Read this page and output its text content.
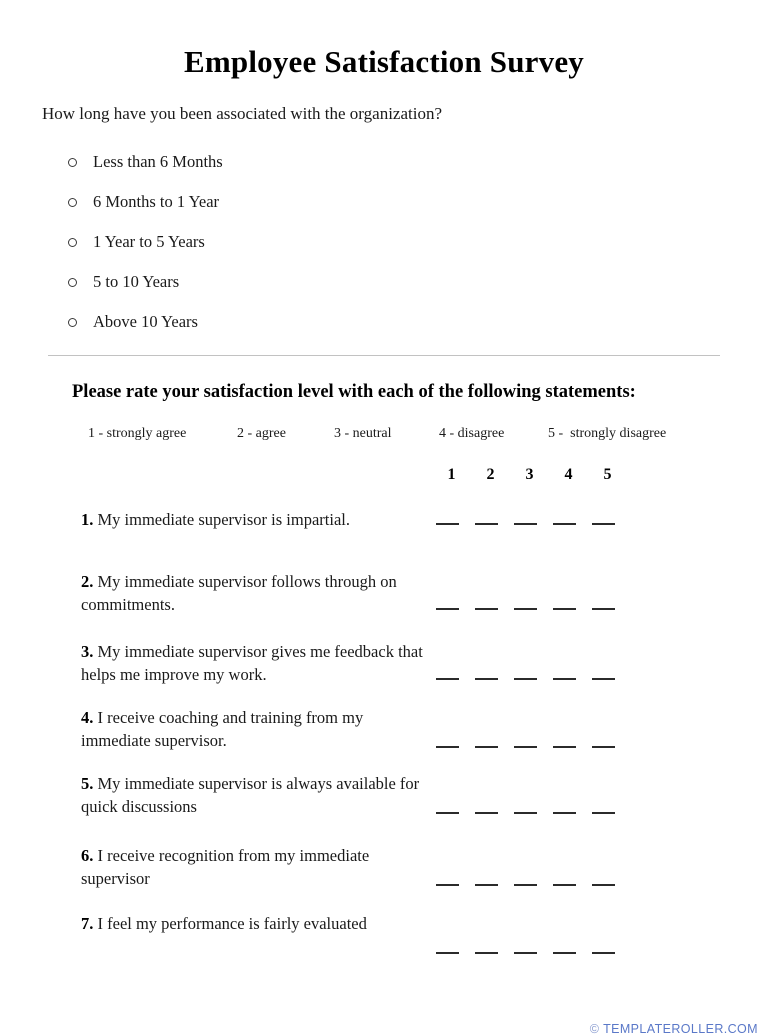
Employee Satisfaction Survey
How long have you been associated with the organization?
Less than 6 Months
6 Months to 1 Year
1 Year to 5 Years
5 to 10 Years
Above 10 Years
Please rate your satisfaction level with each of the following statements:
1 - strongly agree	2 - agree	3 - neutral	4 - disagree	5 -  strongly disagree
1	2	3	4	5
1. My immediate supervisor is impartial.
2. My immediate supervisor follows through on commitments.
3. My immediate supervisor gives me feedback that helps me improve my work.
4. I receive coaching and training from my immediate supervisor.
5. My immediate supervisor is always available for quick discussions
6. I receive recognition from my immediate supervisor
7. I feel my performance is fairly evaluated
© TEMPLATEROLLER.COM
